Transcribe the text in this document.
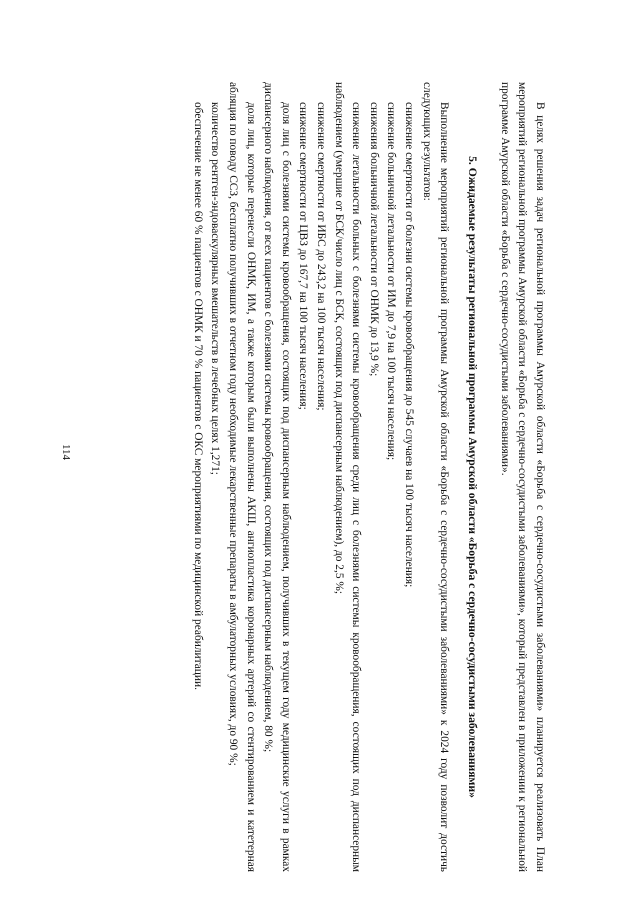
114	В целях решения задач региональной программы Амурской области «Борьба с сердечно-сосудистыми заболеваниями» планируется реализовать План мероприятий региональной программы Амурской области «Борьба с сердечно-сосудистыми заболеваниями», который представлен в приложении к региональной программе Амурской области «Борьба с сердечно-сосудистыми заболеваниями».

5. Ожидаемые результаты региональной программы Амурской области «Борьба с сердечно-сосудистыми заболеваниями»

Выполнение мероприятий региональной программы Амурской области «Борьба с сердечно-сосудистыми заболеваниями» к 2024 году позволит достичь следующих результатов:

снижение смертности от болезни системы кровообращения до 545 случаев на 100 тысяч населения;

снижение больничной летальности от ИМ до 7,9 на 100 тысяч населения;

снижения больничной летальности от ОНМК до 13,9 %;

снижение летальности больных с болезнями системы кровообращения среди лиц с болезнями системы кровообращения, состоящих под диспансерным наблюдением (умершие от БСК/число лиц с БСК, состоящих под диспансерным наблюдением), до 2,5 %;

снижение смертности от ИБС до 243,2 на 100 тысяч населения;

снижение смертности от ЦВЗ до 167,7 на 100 тысяч населения;

доля лиц с болезнями системы кровообращения, состоящих под диспансерным наблюдением, получивших в текущем году медицинские услуги в рамках диспансерного наблюдения, от всех пациентов с болезнями системы кровообращения, состоящих под диспансерным наблюдением, 80 %;

доля лиц, которые перенесли ОНМК, ИМ, а также которым были выполнены АКШ, ангиопластика коронарных артерий со стентированием и катетерная абляция по поводу ССЗ, бесплатно получивших в отчетном году необходимые лекарственные препараты в амбулаторных условиях, до 90 %;

количество рентген-эндоваскулярных вмешательств в лечебных целях 1,271;

обеспечение не менее 60 % пациентов с ОНМК и 70 % пациентов с ОКС мероприятиями по медицинской реабилитации.
